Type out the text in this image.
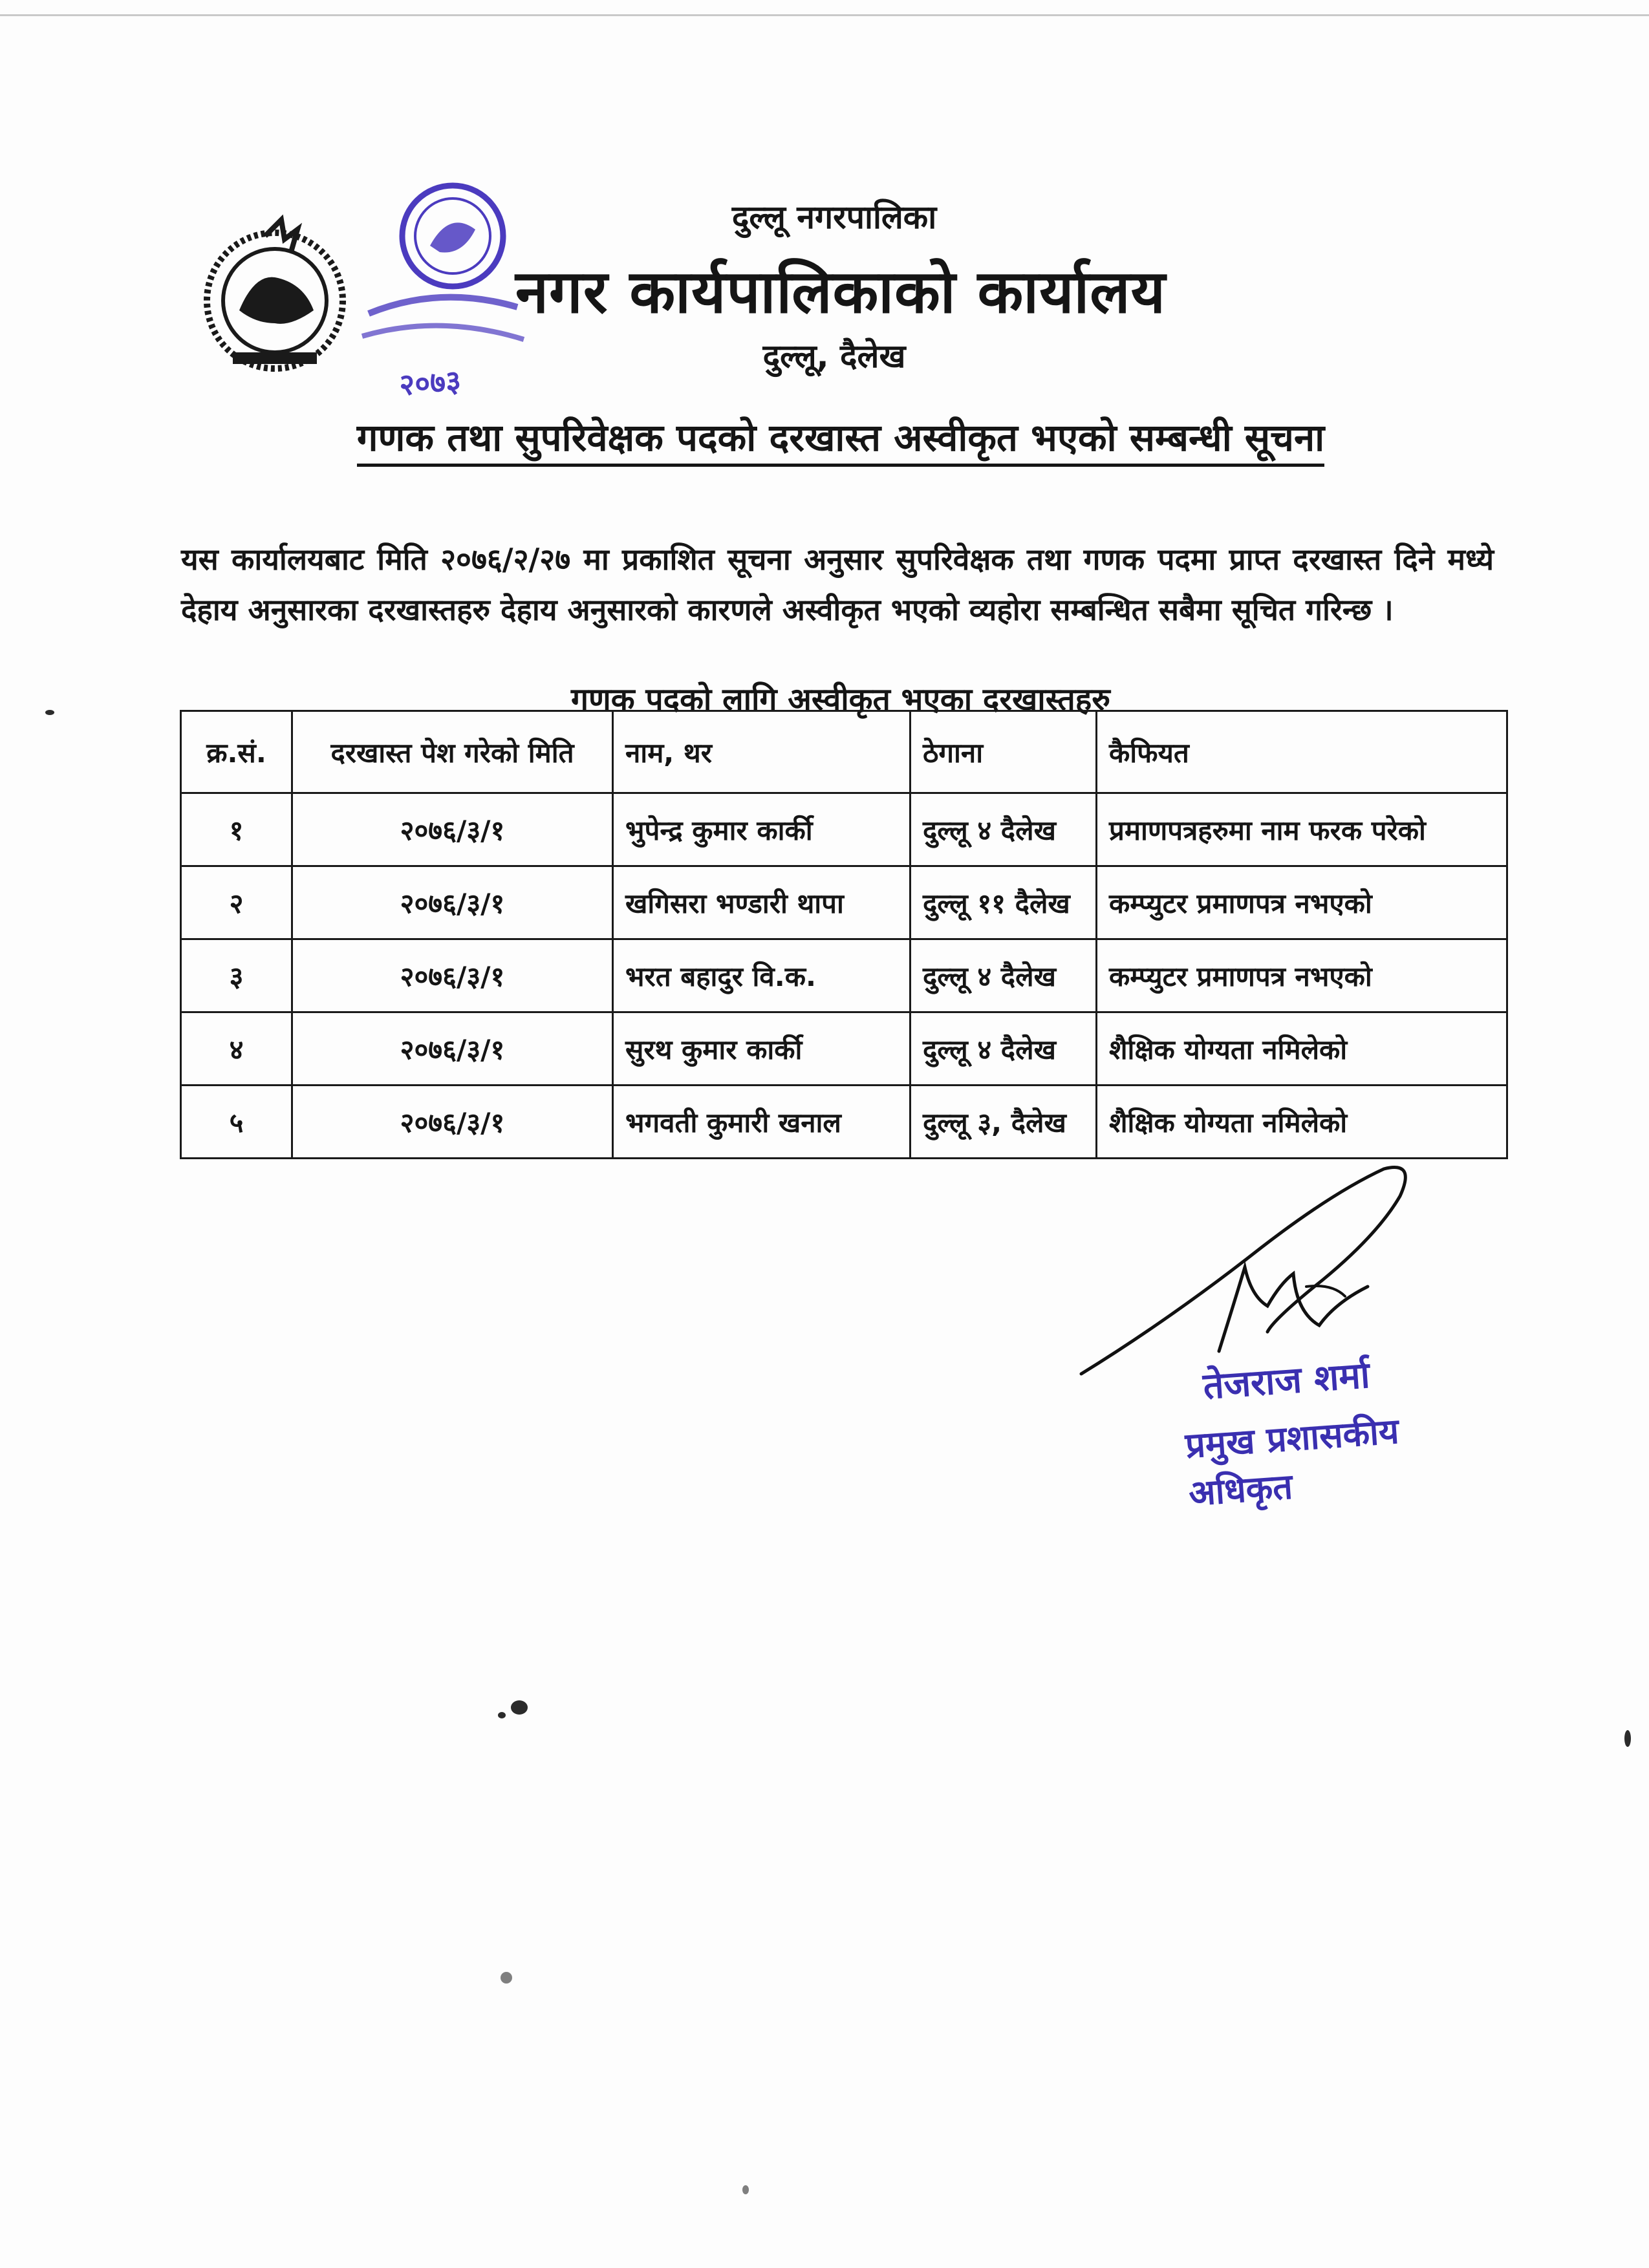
२०७३
दुल्लू नगरपालिका
नगर कार्यपालिकाको कार्यालय
दुल्लू, दैलेख
गणक तथा सुपरिवेक्षक पदको दरखास्त अस्वीकृत भएको सम्बन्धी सूचना

यस कार्यालयबाट मिति २०७६/२/२७ मा प्रकाशित सूचना अनुसार सुपरिवेक्षक तथा गणक पदमा प्राप्त दरखास्त दिने मध्ये देहाय अनुसारका दरखास्तहरु देहाय अनुसारको कारणले अस्वीकृत भएको व्यहोरा सम्बन्धित सबैमा सूचित गरिन्छ ।

गणक पदको लागि अस्वीकृत भएका दरखास्तहरु
क्र.सं.	दरखास्त पेश गरेको मिति	नाम, थर	ठेगाना	कैफियत
१	२०७६/३/१	भुपेन्द्र कुमार कार्की	दुल्लू ४ दैलेख	प्रमाणपत्रहरुमा नाम फरक परेको
२	२०७६/३/१	खगिसरा भण्डारी थापा	दुल्लू ११ दैलेख	कम्प्युटर प्रमाणपत्र नभएको
३	२०७६/३/१	भरत बहादुर वि.क.	दुल्लू ४ दैलेख	कम्प्युटर प्रमाणपत्र नभएको
४	२०७६/३/१	सुरथ कुमार कार्की	दुल्लू ४ दैलेख	शैक्षिक योग्यता नमिलेको
५	२०७६/३/१	भगवती कुमारी खनाल	दुल्लू ३, दैलेख	शैक्षिक योग्यता नमिलेको
तेजराज शर्मा
प्रमुख प्रशासकीय अधिकृत
